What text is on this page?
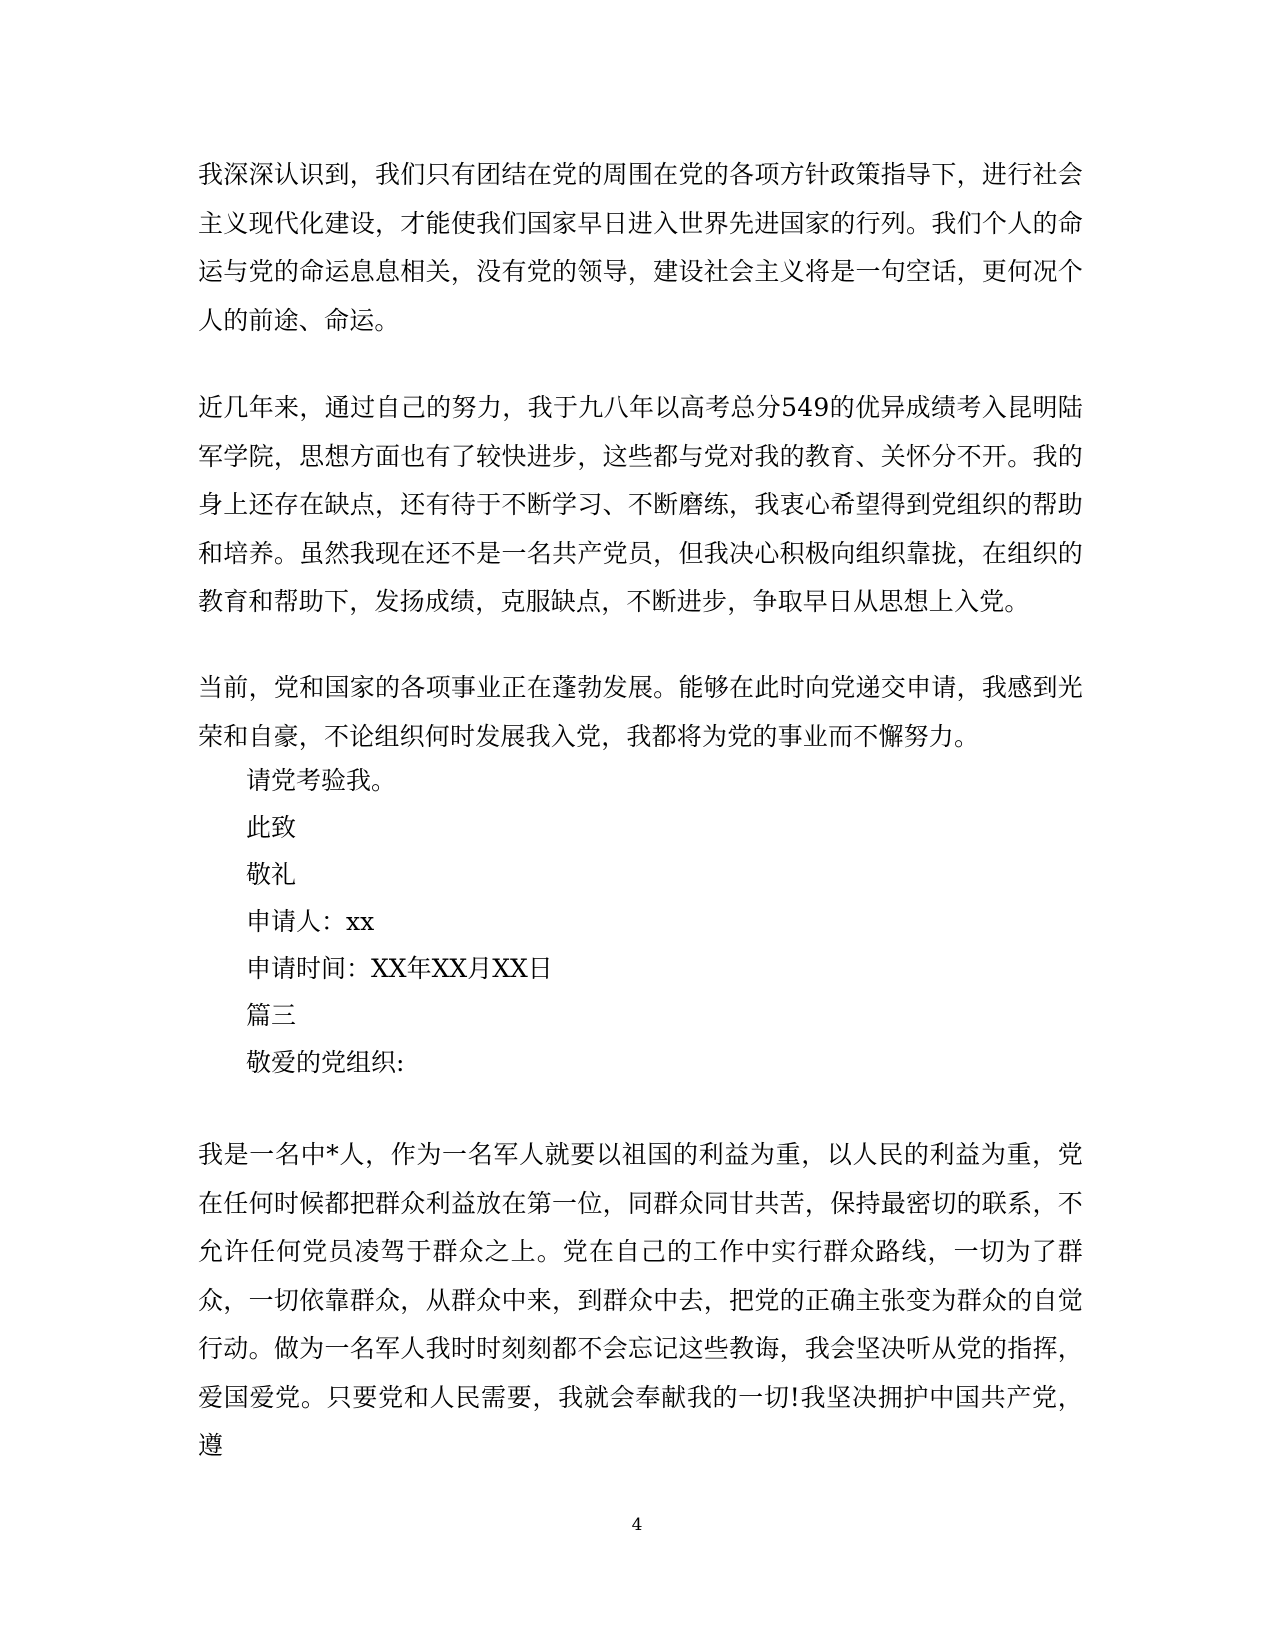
我深深认识到，我们只有团结在党的周围在党的各项方针政策指导下，进行社会主义现代化建设，才能使我们国家早日进入世界先进国家的行列。我们个人的命运与党的命运息息相关，没有党的领导，建设社会主义将是一句空话，更何况个人的前途、命运。

近几年来，通过自己的努力，我于九八年以高考总分549的优异成绩考入昆明陆军学院，思想方面也有了较快进步，这些都与党对我的教育、关怀分不开。我的身上还存在缺点，还有待于不断学习、不断磨练，我衷心希望得到党组织的帮助和培养。虽然我现在还不是一名共产党员，但我决心积极向组织靠拢，在组织的教育和帮助下，发扬成绩，克服缺点，不断进步，争取早日从思想上入党。

当前，党和国家的各项事业正在蓬勃发展。能够在此时向党递交申请，我感到光荣和自豪，不论组织何时发展我入党，我都将为党的事业而不懈努力。

请党考验我。

此致

敬礼

申请人：xx

申请时间：XX年XX月XX日

篇三

敬爱的党组织:

我是一名中*人，作为一名军人就要以祖国的利益为重，以人民的利益为重，党在任何时候都把群众利益放在第一位，同群众同甘共苦，保持最密切的联系，不允许任何党员凌驾于群众之上。党在自己的工作中实行群众路线，一切为了群众，一切依靠群众，从群众中来，到群众中去，把党的正确主张变为群众的自觉行动。做为一名军人我时时刻刻都不会忘记这些教诲，我会坚决听从党的指挥，爱国爱党。只要党和人民需要，我就会奉献我的一切!我坚决拥护中国共产党，遵

4
